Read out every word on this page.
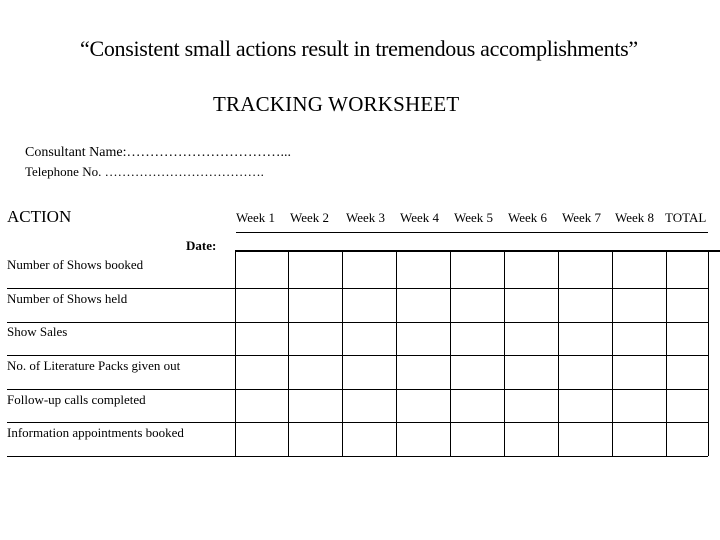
“Consistent small actions result in tremendous accomplishments”
TRACKING WORKSHEET
Consultant Name:……………………………...
Telephone No. ……………………………….
ACTION
Date:
Week 1 Week 2 Week 3 Week 4 Week 5 Week 6 Week 7 Week 8 TOTAL
Number of Shows booked
Number of Shows held
Show Sales
No. of Literature Packs given out
Follow-up calls completed
Information appointments booked
